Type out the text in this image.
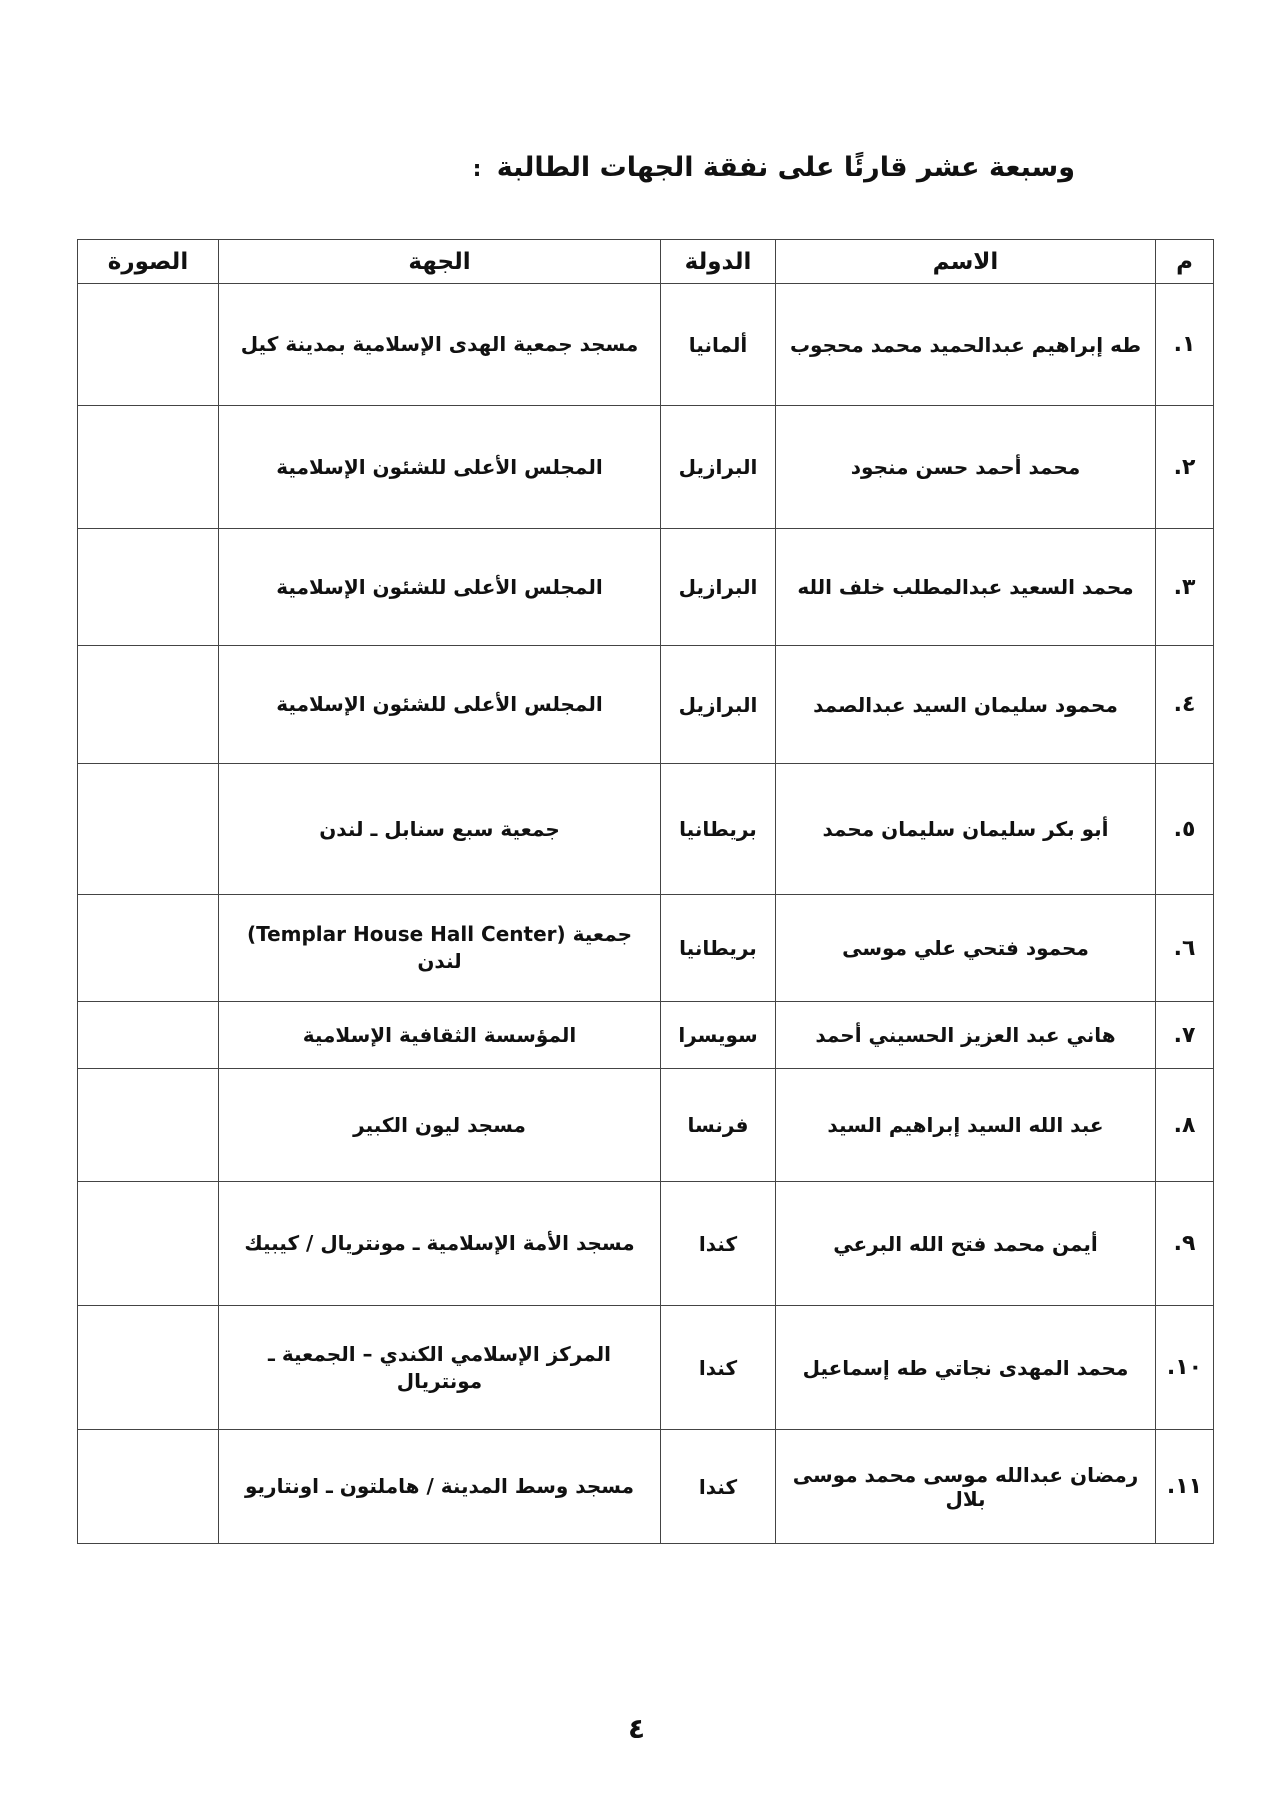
وسبعة عشر قارئًا على نفقة الجهات الطالبة :
م	الاسم	الدولة	الجهة	الصورة
١.	طه إبراهيم عبدالحميد محمد محجوب	ألمانيا	مسجد جمعية الهدى الإسلامية بمدينة كيل	

٢.	محمد أحمد حسن منجود	البرازيل	المجلس الأعلى للشئون الإسلامية	

٣.	محمد السعيد عبدالمطلب خلف الله	البرازيل	المجلس الأعلى للشئون الإسلامية	

٤.	محمود سليمان السيد عبدالصمد	البرازيل	المجلس الأعلى للشئون الإسلامية	

٥.	أبو بكر سليمان سليمان محمد	بريطانيا	جمعية سبع سنابل ـ لندن	

٦.	محمود فتحي علي موسى	بريطانيا	جمعية (Templar House Hall Center) لندن	

٧.	هاني عبد العزيز الحسيني أحمد	سويسرا	المؤسسة الثقافية الإسلامية	

٨.	عبد الله السيد إبراهيم السيد	فرنسا	مسجد ليون الكبير	

٩.	أيمن محمد فتح الله البرعي	كندا	مسجد الأمة الإسلامية ـ مونتريال / كيبيك	

١٠.	محمد المهدى نجاتي طه إسماعيل	كندا	المركز الإسلامي الكندي – الجمعية ـ مونتريال	

١١.	رمضان عبدالله موسى محمد موسى بلال	كندا	مسجد وسط المدينة / هاملتون ـ اونتاريو	
٤
